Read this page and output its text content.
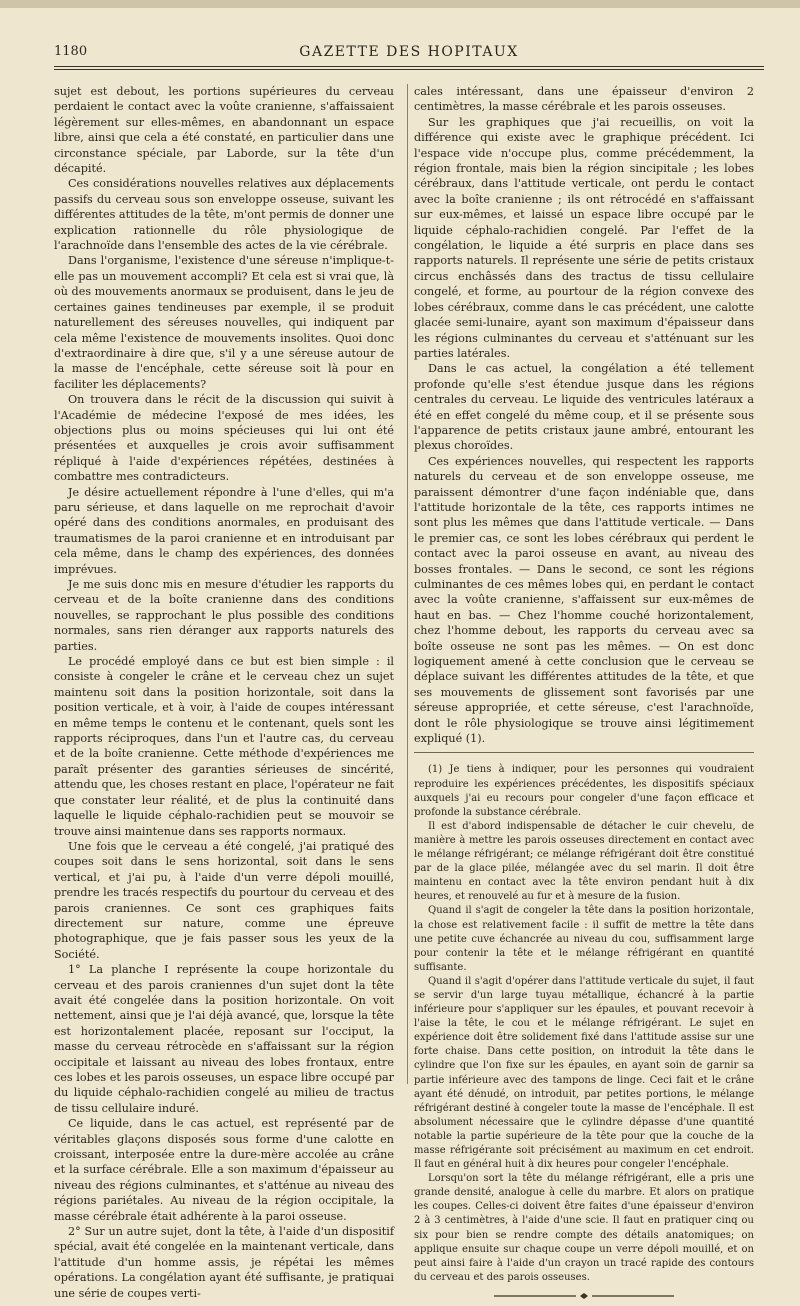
1180	GAZETTE DES HOPITAUX

sujet est debout, les portions supérieures du cerveau perdaient le contact avec la voûte cranienne, s'affaissaient légèrement sur elles-mêmes, en abandonnant un espace libre, ainsi que cela a été constaté, en particulier dans une circonstance spéciale, par Laborde, sur la tête d'un décapité.

Ces considérations nouvelles relatives aux déplacements passifs du cerveau sous son enveloppe osseuse, suivant les différentes attitudes de la tête, m'ont permis de donner une explication rationnelle du rôle physiologique de l'arachnoïde dans l'ensemble des actes de la vie cérébrale.

Dans l'organisme, l'existence d'une séreuse n'implique-t-elle pas un mouvement accompli? Et cela est si vrai que, là où des mouvements anormaux se produisent, dans le jeu de certaines gaines tendineuses par exemple, il se produit naturellement des séreuses nouvelles, qui indiquent par cela même l'existence de mouvements insolites. Quoi donc d'extraordinaire à dire que, s'il y a une séreuse autour de la masse de l'encéphale, cette séreuse soit là pour en faciliter les déplacements?

On trouvera dans le récit de la discussion qui suivit à l'Académie de médecine l'exposé de mes idées, les objections plus ou moins spécieuses qui lui ont été présentées et auxquelles je crois avoir suffisamment répliqué à l'aide d'expériences répétées, destinées à combattre mes contradicteurs.

Je désire actuellement répondre à l'une d'elles, qui m'a paru sérieuse, et dans laquelle on me reprochait d'avoir opéré dans des conditions anormales, en produisant des traumatismes de la paroi cranienne et en introduisant par cela même, dans le champ des expériences, des données imprévues.

Je me suis donc mis en mesure d'étudier les rapports du cerveau et de la boîte cranienne dans des conditions nouvelles, se rapprochant le plus possible des conditions normales, sans rien déranger aux rapports naturels des parties.

Le procédé employé dans ce but est bien simple : il consiste à congeler le crâne et le cerveau chez un sujet maintenu soit dans la position horizontale, soit dans la position verticale, et à voir, à l'aide de coupes intéressant en même temps le contenu et le contenant, quels sont les rapports réciproques, dans l'un et l'autre cas, du cerveau et de la boîte cranienne. Cette méthode d'expériences me paraît présenter des garanties sérieuses de sincérité, attendu que, les choses restant en place, l'opérateur ne fait que constater leur réalité, et de plus la continuité dans laquelle le liquide céphalo-rachidien peut se mouvoir se trouve ainsi maintenue dans ses rapports normaux.

Une fois que le cerveau a été congelé, j'ai pratiqué des coupes soit dans le sens horizontal, soit dans le sens vertical, et j'ai pu, à l'aide d'un verre dépoli mouillé, prendre les tracés respectifs du pourtour du cerveau et des parois craniennes. Ce sont ces graphiques faits directement sur nature, comme une épreuve photographique, que je fais passer sous les yeux de la Société.

1° La planche I représente la coupe horizontale du cerveau et des parois craniennes d'un sujet dont la tête avait été congelée dans la position horizontale. On voit nettement, ainsi que je l'ai déjà avancé, que, lorsque la tête est horizontalement placée, reposant sur l'occiput, la masse du cerveau rétrocède en s'affaissant sur la région occipitale et laissant au niveau des lobes frontaux, entre ces lobes et les parois osseuses, un espace libre occupé par du liquide céphalo-rachidien congelé au milieu de tractus de tissu cellulaire induré.

Ce liquide, dans le cas actuel, est représenté par de véritables glaçons disposés sous forme d'une calotte en croissant, interposée entre la dure-mère accolée au crâne et la surface cérébrale. Elle a son maximum d'épaisseur au niveau des régions culminantes, et s'atténue au niveau des régions pariétales. Au niveau de la région occipitale, la masse cérébrale était adhérente à la paroi osseuse.

2° Sur un autre sujet, dont la tête, à l'aide d'un dispositif spécial, avait été congelée en la maintenant verticale, dans l'attitude d'un homme assis, je répétai les mêmes opérations. La congélation ayant été suffisante, je pratiquai une série de coupes verti-

cales intéressant, dans une épaisseur d'environ 2 centimètres, la masse cérébrale et les parois osseuses.

Sur les graphiques que j'ai recueillis, on voit la différence qui existe avec le graphique précédent. Ici l'espace vide n'occupe plus, comme précédemment, la région frontale, mais bien la région sincipitale ; les lobes cérébraux, dans l'attitude verticale, ont perdu le contact avec la boîte cranienne ; ils ont rétrocédé en s'affaissant sur eux-mêmes, et laissé un espace libre occupé par le liquide céphalo-rachidien congelé. Par l'effet de la congélation, le liquide a été surpris en place dans ses rapports naturels. Il représente une série de petits cristaux circus enchâssés dans des tractus de tissu cellulaire congelé, et forme, au pourtour de la région convexe des lobes cérébraux, comme dans le cas précédent, une calotte glacée semi-lunaire, ayant son maximum d'épaisseur dans les régions culminantes du cerveau et s'atténuant sur les parties latérales.

Dans le cas actuel, la congélation a été tellement profonde qu'elle s'est étendue jusque dans les régions centrales du cerveau. Le liquide des ventricules latéraux a été en effet congelé du même coup, et il se présente sous l'apparence de petits cristaux jaune ambré, entourant les plexus choroïdes.

Ces expériences nouvelles, qui respectent les rapports naturels du cerveau et de son enveloppe osseuse, me paraissent démontrer d'une façon indéniable que, dans l'attitude horizontale de la tête, ces rapports intimes ne sont plus les mêmes que dans l'attitude verticale. — Dans le premier cas, ce sont les lobes cérébraux qui perdent le contact avec la paroi osseuse en avant, au niveau des bosses frontales. — Dans le second, ce sont les régions culminantes de ces mêmes lobes qui, en perdant le contact avec la voûte cranienne, s'affaissent sur eux-mêmes de haut en bas. — Chez l'homme couché horizontalement, chez l'homme debout, les rapports du cerveau avec sa boîte osseuse ne sont pas les mêmes. — On est donc logiquement amené à cette conclusion que le cerveau se déplace suivant les différentes attitudes de la tête, et que ses mouvements de glissement sont favorisés par une séreuse appropriée, et cette séreuse, c'est l'arachnoïde, dont le rôle physiologique se trouve ainsi légitimement expliqué (1).

(1) Je tiens à indiquer, pour les personnes qui voudraient reproduire les expériences précédentes, les dispositifs spéciaux auxquels j'ai eu recours pour congeler d'une façon efficace et profonde la substance cérébrale.

Il est d'abord indispensable de détacher le cuir chevelu, de manière à mettre les parois osseuses directement en contact avec le mélange réfrigérant; ce mélange réfrigérant doit être constitué par de la glace pilée, mélangée avec du sel marin. Il doit être maintenu en contact avec la tête environ pendant huit à dix heures, et renouvelé au fur et à mesure de la fusion.

Quand il s'agit de congeler la tête dans la position horizontale, la chose est relativement facile : il suffit de mettre la tête dans une petite cuve échancrée au niveau du cou, suffisamment large pour contenir la tête et le mélange réfrigérant en quantité suffisante.

Quand il s'agit d'opérer dans l'attitude verticale du sujet, il faut se servir d'un large tuyau métallique, échancré à la partie inférieure pour s'appliquer sur les épaules, et pouvant recevoir à l'aise la tête, le cou et le mélange réfrigérant. Le sujet en expérience doit être solidement fixé dans l'attitude assise sur une forte chaise. Dans cette position, on introduit la tête dans le cylindre que l'on fixe sur les épaules, en ayant soin de garnir sa partie inférieure avec des tampons de linge. Ceci fait et le crâne ayant été dénudé, on introduit, par petites portions, le mélange réfrigérant destiné à congeler toute la masse de l'encéphale. Il est absolument nécessaire que le cylindre dépasse d'une quantité notable la partie supérieure de la tête pour que la couche de la masse réfrigérante soit précisément au maximum en cet endroit. Il faut en général huit à dix heures pour congeler l'encéphale.

Lorsqu'on sort la tête du mélange réfrigérant, elle a pris une grande densité, analogue à celle du marbre. Et alors on pratique les coupes. Celles-ci doivent être faites d'une épaisseur d'environ 2 à 3 centimètres, à l'aide d'une scie. Il faut en pratiquer cinq ou six pour bien se rendre compte des détails anatomiques; on applique ensuite sur chaque coupe un verre dépoli mouillé, et on peut ainsi faire à l'aide d'un crayon un tracé rapide des contours du cerveau et des parois osseuses.
